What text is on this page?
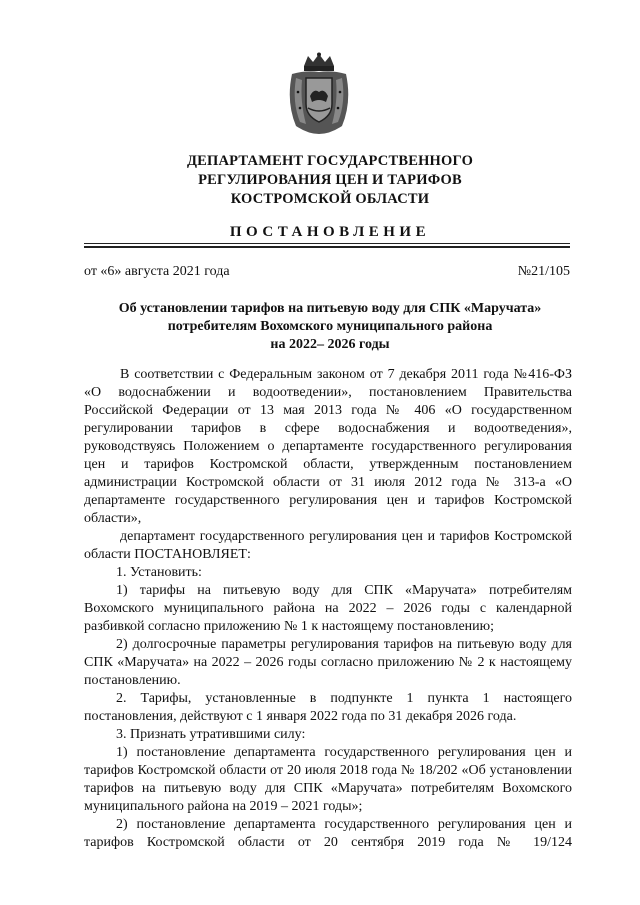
ДЕПАРТАМЕНТ ГОСУДАРСТВЕННОГО
РЕГУЛИРОВАНИЯ ЦЕН И ТАРИФОВ
КОСТРОМСКОЙ ОБЛАСТИ
ПОСТАНОВЛЕНИЕ
от «6» августа 2021 года	№21/105
Об установлении тарифов на питьевую воду для СПК «Маручата»
потребителям Вохомского муниципального района
на 2022– 2026 годы

В соответствии с Федеральным законом от 7 декабря 2011 года №416-ФЗ «О водоснабжении и водоотведении», постановлением Правительства Российской Федерации от 13 мая 2013 года № 406 «О государственном регулировании тарифов в сфере водоснабжения и водоотведения», руководствуясь Положением о департаменте государственного регулирования цен и тарифов Костромской области, утвержденным постановлением администрации Костромской области от 31 июля 2012 года № 313-а «О департаменте государственного регулирования цен и тарифов Костромской области»,

департамент государственного регулирования цен и тарифов Костромской области ПОСТАНОВЛЯЕТ:

1. Установить:

1) тарифы на питьевую воду для СПК «Маручата» потребителям Вохомского муниципального района на 2022 – 2026 годы с календарной разбивкой согласно приложению № 1 к настоящему постановлению;

2) долгосрочные параметры регулирования тарифов на питьевую воду для СПК «Маручата» на 2022 – 2026 годы согласно приложению № 2 к настоящему постановлению.

2. Тарифы, установленные в подпункте 1 пункта 1 настоящего постановления, действуют с 1 января 2022 года по 31 декабря 2026 года.

3. Признать утратившими силу:

1) постановление департамента государственного регулирования цен и тарифов Костромской области от 20 июля 2018 года № 18/202 «Об установлении тарифов на питьевую воду для СПК «Маручата» потребителям Вохомского муниципального района на 2019 – 2021 годы»;

2) постановление департамента государственного регулирования цен и тарифов Костромской области от 20 сентября 2019 года № 19/124
